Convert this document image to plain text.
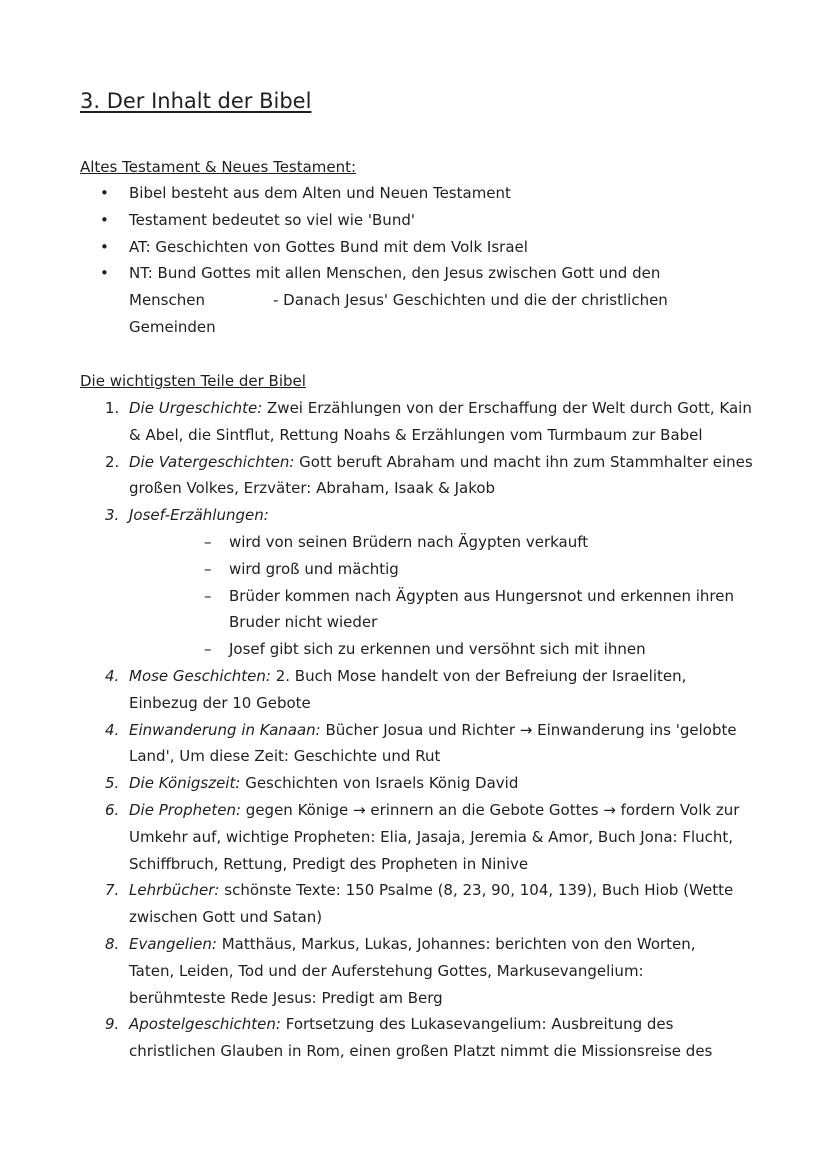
3. Der Inhalt der Bibel
Altes Testament & Neues Testament:
• Bibel besteht aus dem Alten und Neuen Testament
• Testament bedeutet so viel wie 'Bund'
• AT: Geschichten von Gottes Bund mit dem Volk Israel
• NT: Bund Gottes mit allen Menschen, den Jesus zwischen Gott und den Menschen	- Danach Jesus' Geschichten und die der christlichen Gemeinden
Die wichtigsten Teile der Bibel
1. Die Urgeschichte: Zwei Erzählungen von der Erschaffung der Welt durch Gott, Kain & Abel, die Sintflut, Rettung Noahs & Erzählungen vom Turmbaum zur Babel
2. Die Vatergeschichten: Gott beruft Abraham und macht ihn zum Stammhalter eines großen Volkes, Erzväter: Abraham, Isaak & Jakob
3. Josef-Erzählungen:
– wird von seinen Brüdern nach Ägypten verkauft
– wird groß und mächtig
– Brüder kommen nach Ägypten aus Hungersnot und erkennen ihren Bruder nicht wieder
– Josef gibt sich zu erkennen und versöhnt sich mit ihnen
4. Mose Geschichten: 2. Buch Mose handelt von der Befreiung der Israeliten, Einbezug der 10 Gebote
4. Einwanderung in Kanaan: Bücher Josua und Richter → Einwanderung ins 'gelobte Land', Um diese Zeit: Geschichte und Rut
5. Die Königszeit: Geschichten von Israels König David
6. Die Propheten: gegen Könige → erinnern an die Gebote Gottes → fordern Volk zur Umkehr auf, wichtige Propheten: Elia, Jasaja, Jeremia & Amor, Buch Jona: Flucht, Schiffbruch, Rettung, Predigt des Propheten in Ninive
7. Lehrbücher: schönste Texte: 150 Psalme (8, 23, 90, 104, 139), Buch Hiob (Wette zwischen Gott und Satan)
8. Evangelien: Matthäus, Markus, Lukas, Johannes: berichten von den Worten, Taten, Leiden, Tod und der Auferstehung Gottes, Markusevangelium: berühmteste Rede Jesus: Predigt am Berg
9. Apostelgeschichten: Fortsetzung des Lukasevangelium: Ausbreitung des christlichen Glauben in Rom, einen großen Platzt nimmt die Missionsreise des
